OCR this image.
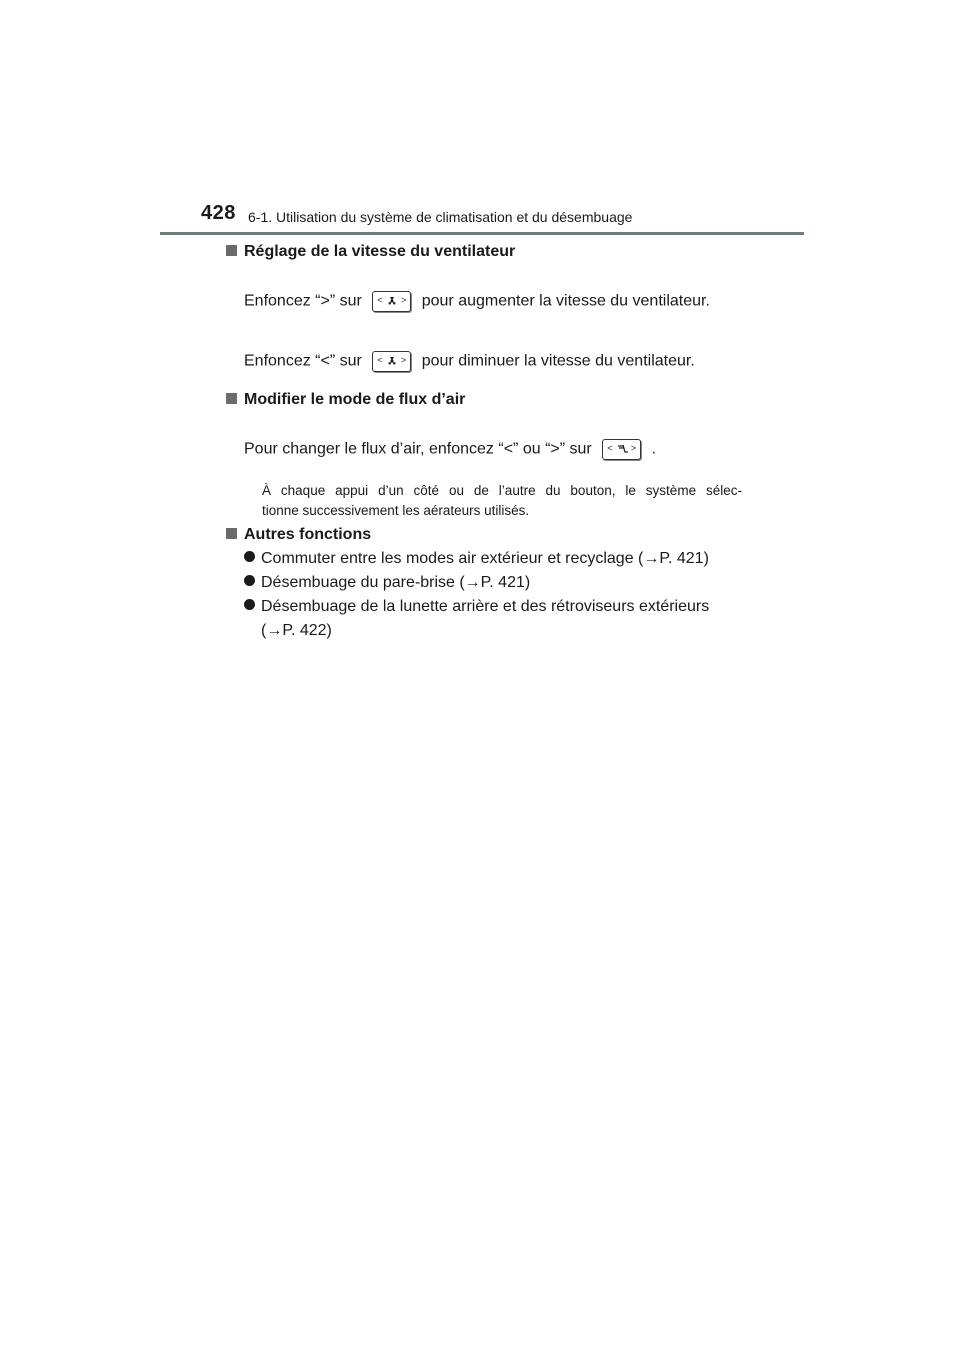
428 6-1. Utilisation du système de climatisation et du désembuage
Réglage de la vitesse du ventilateur
Enfoncez “>” sur < > pour augmenter la vitesse du ventilateur.
Enfoncez “<” sur < > pour diminuer la vitesse du ventilateur.
Modifier le mode de flux d’air
Pour changer le flux d’air, enfoncez “<” ou “>” sur < > .
À chaque appui d’un côté ou de l’autre du bouton, le système sélec-
tionne successivement les aérateurs utilisés.
Autres fonctions
Commuter entre les modes air extérieur et recyclage (→P. 421)
Désembuage du pare-brise (→P. 421)
Désembuage de la lunette arrière et des rétroviseurs extérieurs
(→P. 422)
